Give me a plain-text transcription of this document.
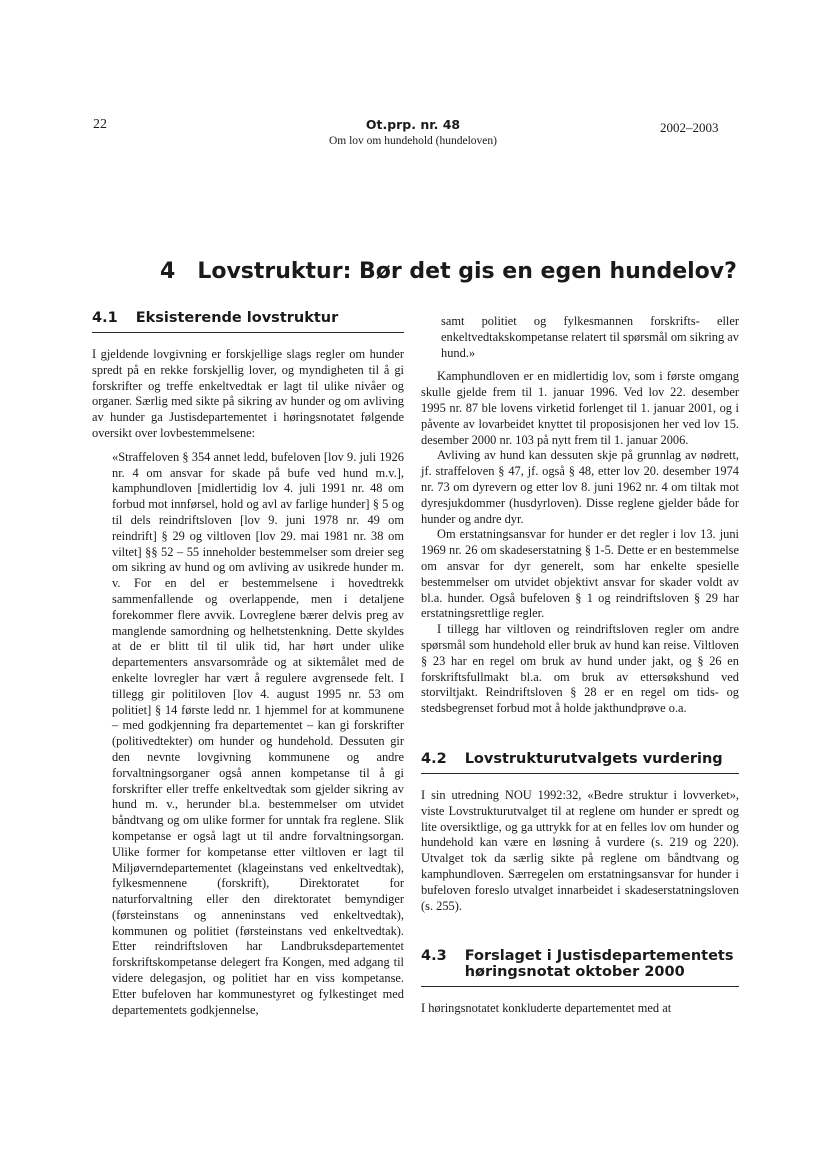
22	Ot.prp. nr. 48
Om lov om hundehold (hundeloven)
2002–2003
4 Lovstruktur: Bør det gis en egen hundelov?
4.1 Eksisterende lovstruktur

I gjeldende lovgivning er forskjellige slags regler om hunder spredt på en rekke forskjellig lover, og myndigheten til å gi forskrifter og treffe enkeltvedtak er lagt til ulike nivåer og organer. Særlig med sikte på sikring av hunder og om avliving av hunder ga Justisdepartementet i høringsnotatet følgende oversikt over lovbestemmelsene:

«Straffeloven § 354 annet ledd, bufeloven [lov 9. juli 1926 nr. 4 om ansvar for skade på bufe ved hund m.v.], kamphundloven [midlertidig lov 4. juli 1991 nr. 48 om forbud mot innførsel, hold og avl av farlige hunder] § 5 og til dels reindriftsloven [lov 9. juni 1978 nr. 49 om reindrift] § 29 og viltloven [lov 29. mai 1981 nr. 38 om viltet] §§ 52 – 55 inneholder bestemmelser som dreier seg om sikring av hund og om avliving av usikrede hunder m. v. For en del er bestemmelsene i hovedtrekk sammenfallende og overlappende, men i detaljene forekommer flere avvik. Lovreglene bærer delvis preg av manglende samordning og helhetstenkning. Dette skyldes at de er blitt til til ulik tid, har hørt under ulike departementers ansvarsområde og at siktemålet med de enkelte lovregler har vært å regulere avgrensede felt. I tillegg gir politiloven [lov 4. august 1995 nr. 53 om politiet] § 14 første ledd nr. 1 hjemmel for at kommunene – med godkjenning fra departementet – kan gi forskrifter (politivedtekter) om hunder og hundehold. Dessuten gir den nevnte lovgivning kommunene og andre forvaltningsorganer også annen kompetanse til å gi forskrifter eller treffe enkeltvedtak som gjelder sikring av hund m. v., herunder bl.a. bestemmelser om utvidet båndtvang og om ulike former for unntak fra reglene. Slik kompetanse er også lagt ut til andre forvaltningsorgan. Ulike former for kompetanse etter viltloven er lagt til Miljøverndepartementet (klageinstans ved enkeltvedtak), fylkesmennene (forskrift), Direktoratet for naturforvaltning eller den direktoratet bemyndiger (førsteinstans og anneninstans ved enkeltvedtak), kommunen og politiet (førsteinstans ved enkeltvedtak). Etter reindriftsloven har Landbruksdepartementet forskriftskompetanse delegert fra Kongen, med adgang til videre delegasjon, og politiet har en viss kompetanse. Etter bufeloven har kommunestyret og fylkestinget med departementets godkjennelse,

samt politiet og fylkesmannen forskrifts- eller enkeltvedtakskompetanse relatert til spørsmål om sikring av hund.»

Kamphundloven er en midlertidig lov, som i første omgang skulle gjelde frem til 1. januar 1996. Ved lov 22. desember 1995 nr. 87 ble lovens virketid forlenget til 1. januar 2001, og i påvente av lovarbeidet knyttet til proposisjonen her ved lov 15. desember 2000 nr. 103 på nytt frem til 1. januar 2006.

Avliving av hund kan dessuten skje på grunnlag av nødrett, jf. straffeloven § 47, jf. også § 48, etter lov 20. desember 1974 nr. 73 om dyrevern og etter lov 8. juni 1962 nr. 4 om tiltak mot dyresjukdommer (husdyrloven). Disse reglene gjelder både for hunder og andre dyr.

Om erstatningsansvar for hunder er det regler i lov 13. juni 1969 nr. 26 om skadeserstatning § 1-5. Dette er en bestemmelse om ansvar for dyr generelt, som har enkelte spesielle bestemmelser om utvidet objektivt ansvar for skader voldt av bl.a. hunder. Også bufeloven § 1 og reindriftsloven § 29 har erstatningsrettlige regler.

I tillegg har viltloven og reindriftsloven regler om andre spørsmål som hundehold eller bruk av hund kan reise. Viltloven § 23 har en regel om bruk av hund under jakt, og § 26 en forskriftsfullmakt bl.a. om bruk av ettersøkshund ved storviltjakt. Reindriftsloven § 28 er en regel om tids- og stedsbegrenset forbud mot å holde jakthundprøve o.a.

4.2 Lovstrukturutvalgets vurdering

I sin utredning NOU 1992:32, «Bedre struktur i lovverket», viste Lovstrukturutvalget til at reglene om hunder er spredt og lite oversiktlige, og ga uttrykk for at en felles lov om hunder og hundehold kan være en løsning å vurdere (s. 219 og 220). Utvalget tok da særlig sikte på reglene om båndtvang og kamphundloven. Særregelen om erstatningsansvar for hunder i bufeloven foreslo utvalget innarbeidet i skadeserstatningsloven (s. 255).

4.3 Forslaget i Justisdepartementets høringsnotat oktober 2000

I høringsnotatet konkluderte departementet med at
